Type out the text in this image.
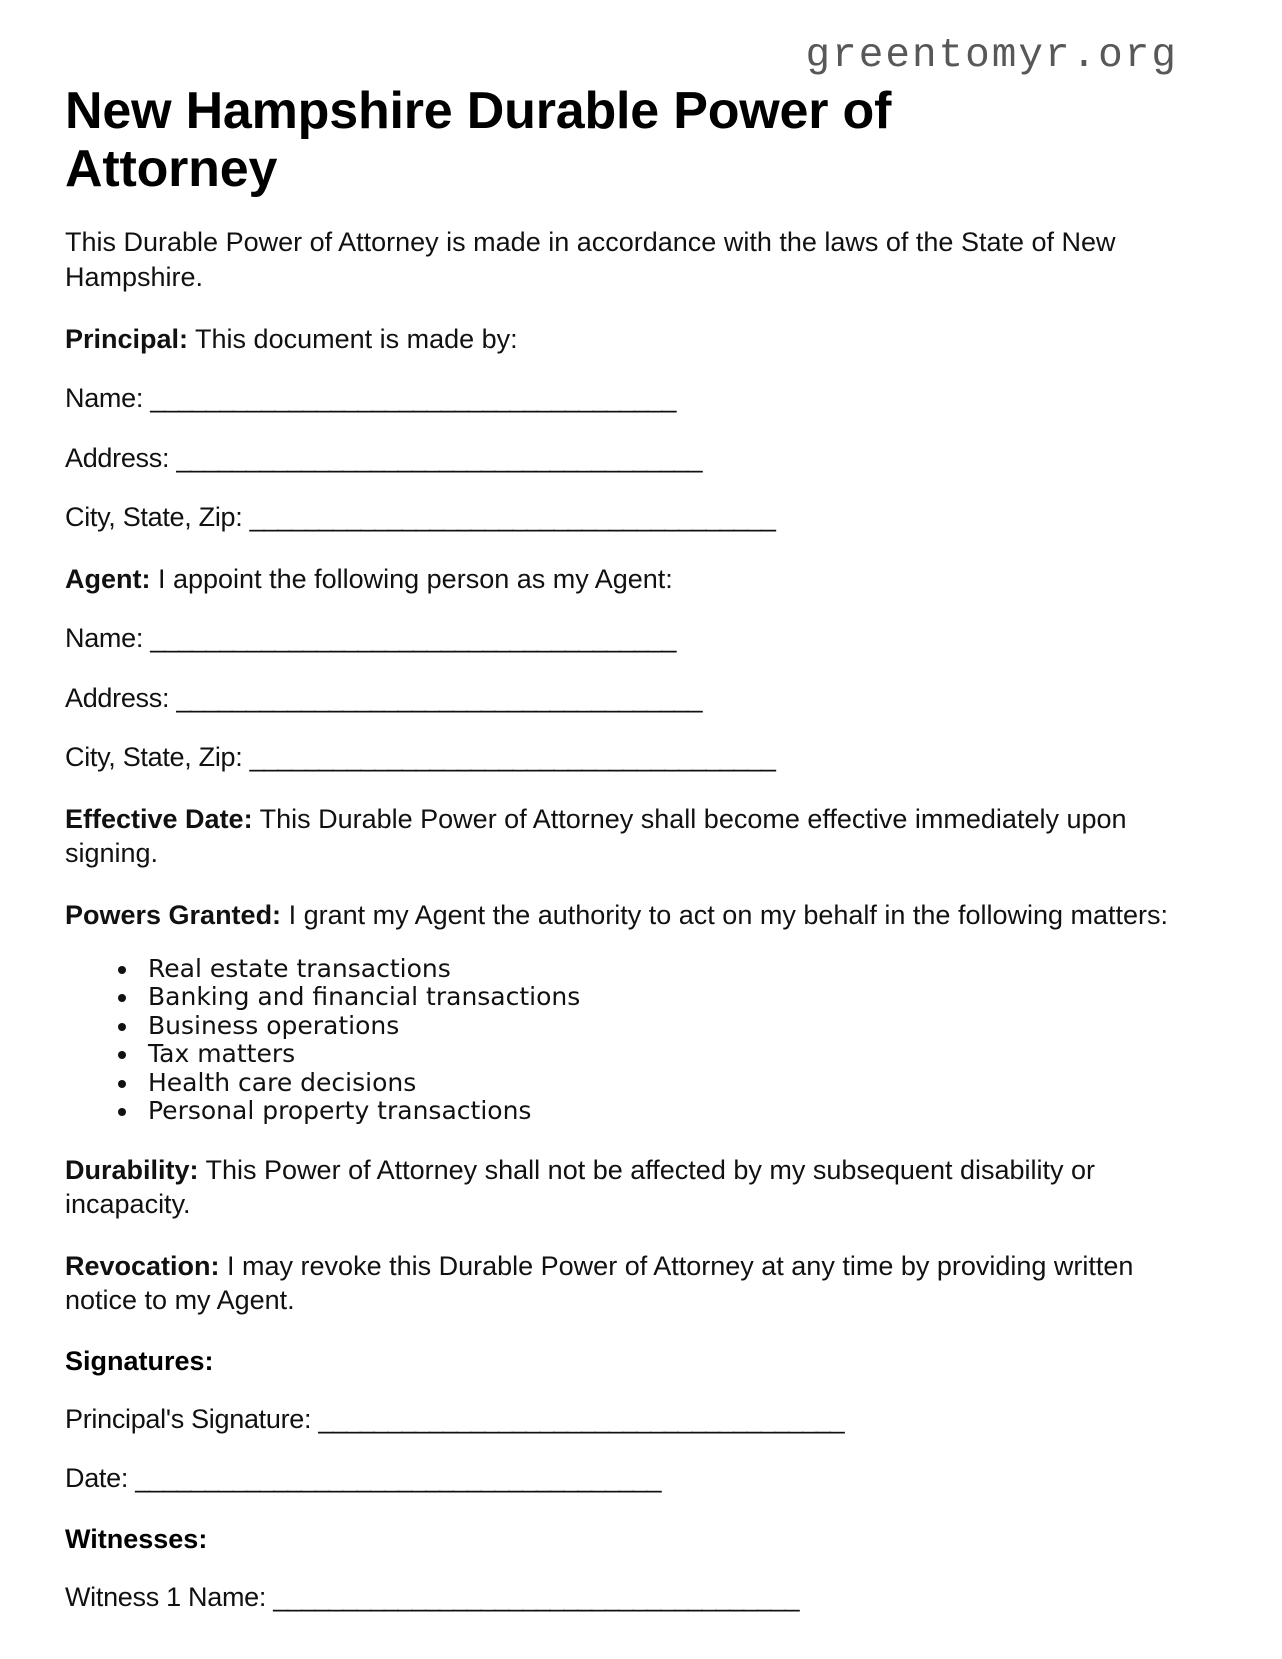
greentomyr.org
New Hampshire Durable Power of Attorney

This Durable Power of Attorney is made in accordance with the laws of the State of New Hampshire.

Principal: This document is made by:

Name: ______________________________________

Address: ______________________________________

City, State, Zip: ______________________________________

Agent: I appoint the following person as my Agent:

Name: ______________________________________

Address: ______________________________________

City, State, Zip: ______________________________________

Effective Date: This Durable Power of Attorney shall become effective immediately upon signing.

Powers Granted: I grant my Agent the authority to act on my behalf in the following matters:

• Real estate transactions
• Banking and financial transactions
• Business operations
• Tax matters
• Health care decisions
• Personal property transactions

Durability: This Power of Attorney shall not be affected by my subsequent disability or incapacity.

Revocation: I may revoke this Durable Power of Attorney at any time by providing written notice to my Agent.

Signatures:

Principal's Signature: ______________________________________

Date: ______________________________________

Witnesses:

Witness 1 Name: ______________________________________
